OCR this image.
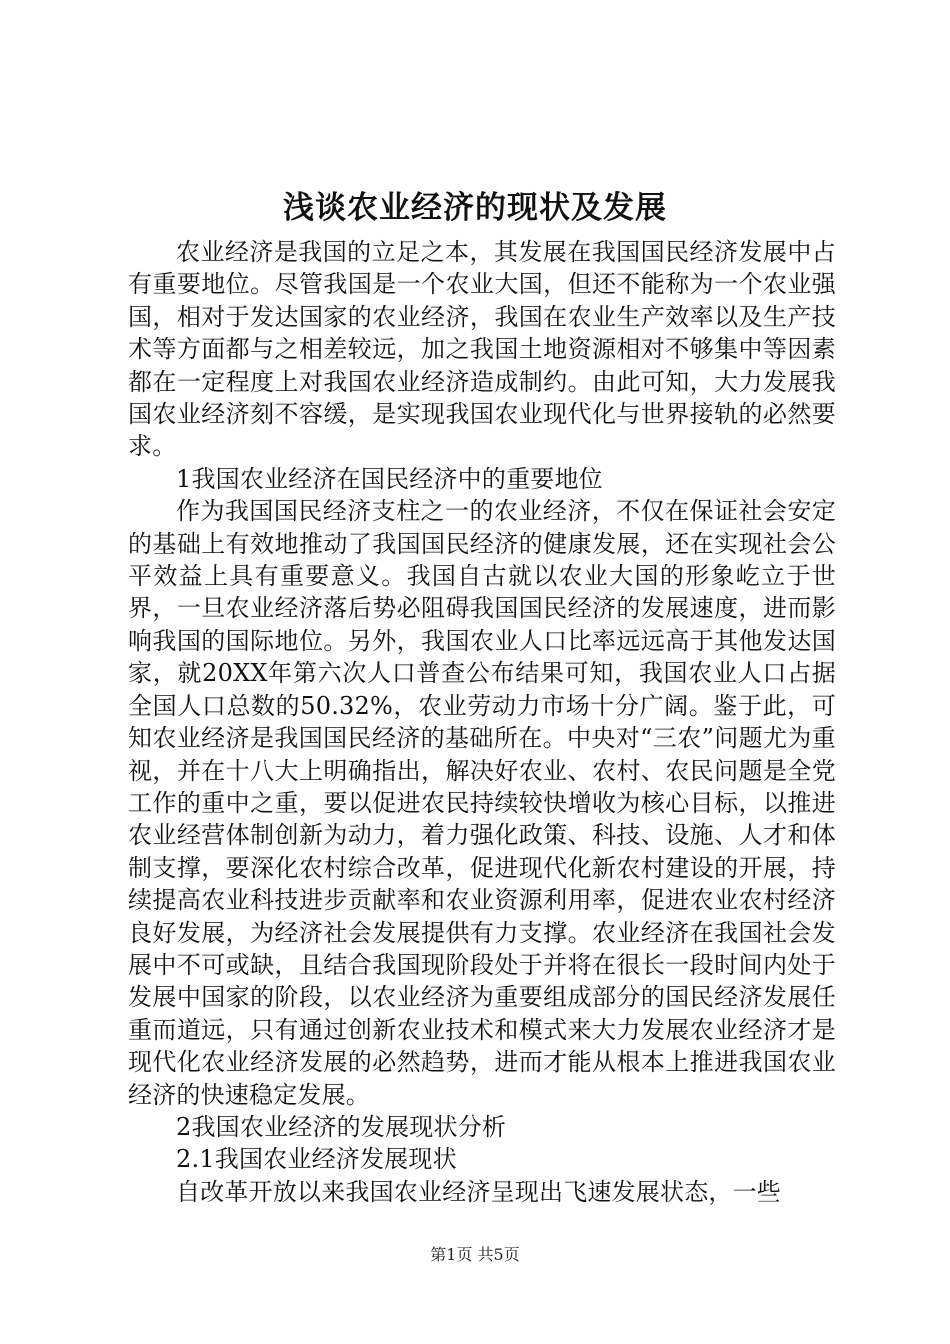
浅谈农业经济的现状及发展

农业经济是我国的立足之本，其发展在我国国民经济发展中占有重要地位。尽管我国是一个农业大国，但还不能称为一个农业强国，相对于发达国家的农业经济，我国在农业生产效率以及生产技术等方面都与之相差较远，加之我国土地资源相对不够集中等因素都在一定程度上对我国农业经济造成制约。由此可知，大力发展我国农业经济刻不容缓，是实现我国农业现代化与世界接轨的必然要求。

1我国农业经济在国民经济中的重要地位

作为我国国民经济支柱之一的农业经济，不仅在保证社会安定的基础上有效地推动了我国国民经济的健康发展，还在实现社会公平效益上具有重要意义。我国自古就以农业大国的形象屹立于世界，一旦农业经济落后势必阻碍我国国民经济的发展速度，进而影响我国的国际地位。另外，我国农业人口比率远远高于其他发达国家，就20XX年第六次人口普查公布结果可知，我国农业人口占据全国人口总数的50.32%，农业劳动力市场十分广阔。鉴于此，可知农业经济是我国国民经济的基础所在。中央对“三农”问题尤为重视，并在十八大上明确指出，解决好农业、农村、农民问题是全党工作的重中之重，要以促进农民持续较快增收为核心目标，以推进农业经营体制创新为动力，着力强化政策、科技、设施、人才和体制支撑，要深化农村综合改革，促进现代化新农村建设的开展，持续提高农业科技进步贡献率和农业资源利用率，促进农业农村经济良好发展，为经济社会发展提供有力支撑。农业经济在我国社会发展中不可或缺，且结合我国现阶段处于并将在很长一段时间内处于发展中国家的阶段，以农业经济为重要组成部分的国民经济发展任重而道远，只有通过创新农业技术和模式来大力发展农业经济才是现代化农业经济发展的必然趋势，进而才能从根本上推进我国农业经济的快速稳定发展。

2我国农业经济的发展现状分析

2.1我国农业经济发展现状

自改革开放以来我国农业经济呈现出飞速发展状态，一些

第1页 共5页
